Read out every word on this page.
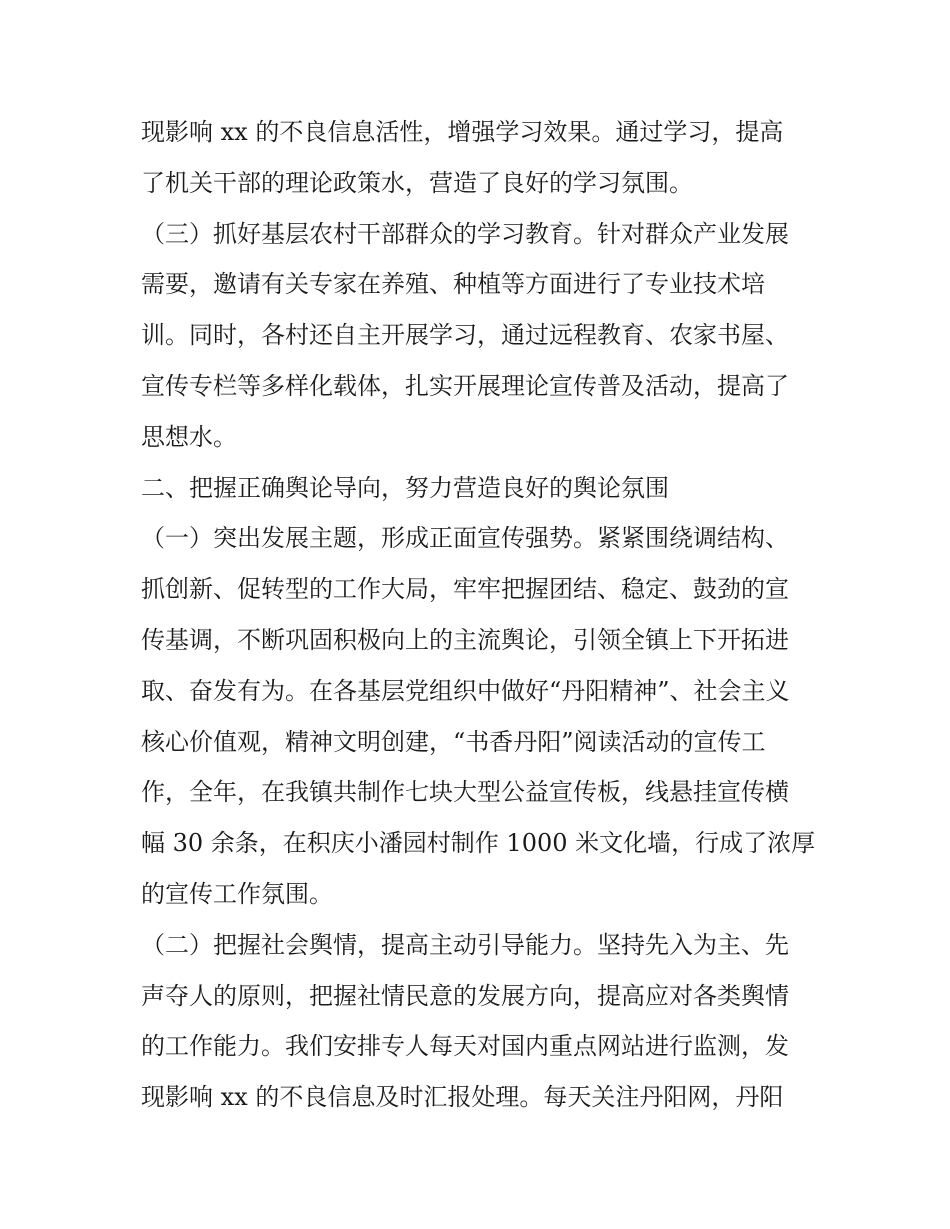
现影响 xx 的不良信息活性，增强学习效果。通过学习，提高
了机关干部的理论政策水，营造了良好的学习氛围。
（三）抓好基层农村干部群众的学习教育。针对群众产业发展
需要，邀请有关专家在养殖、种植等方面进行了专业技术培
训。同时，各村还自主开展学习，通过远程教育、农家书屋、
宣传专栏等多样化载体，扎实开展理论宣传普及活动，提高了
思想水。
二、把握正确舆论导向，努力营造良好的舆论氛围
（一）突出发展主题，形成正面宣传强势。紧紧围绕调结构、
抓创新、促转型的工作大局，牢牢把握团结、稳定、鼓劲的宣
传基调，不断巩固积极向上的主流舆论，引领全镇上下开拓进
取、奋发有为。在各基层党组织中做好“丹阳精神”、社会主义
核心价值观，精神文明创建，“书香丹阳”阅读活动的宣传工
作，全年，在我镇共制作七块大型公益宣传板，线悬挂宣传横
幅 30 余条，在积庆小潘园村制作 1000 米文化墙，行成了浓厚
的宣传工作氛围。
（二）把握社会舆情，提高主动引导能力。坚持先入为主、先
声夺人的原则，把握社情民意的发展方向，提高应对各类舆情
的工作能力。我们安排专人每天对国内重点网站进行监测，发
现影响 xx 的不良信息及时汇报处理。每天关注丹阳网，丹阳
